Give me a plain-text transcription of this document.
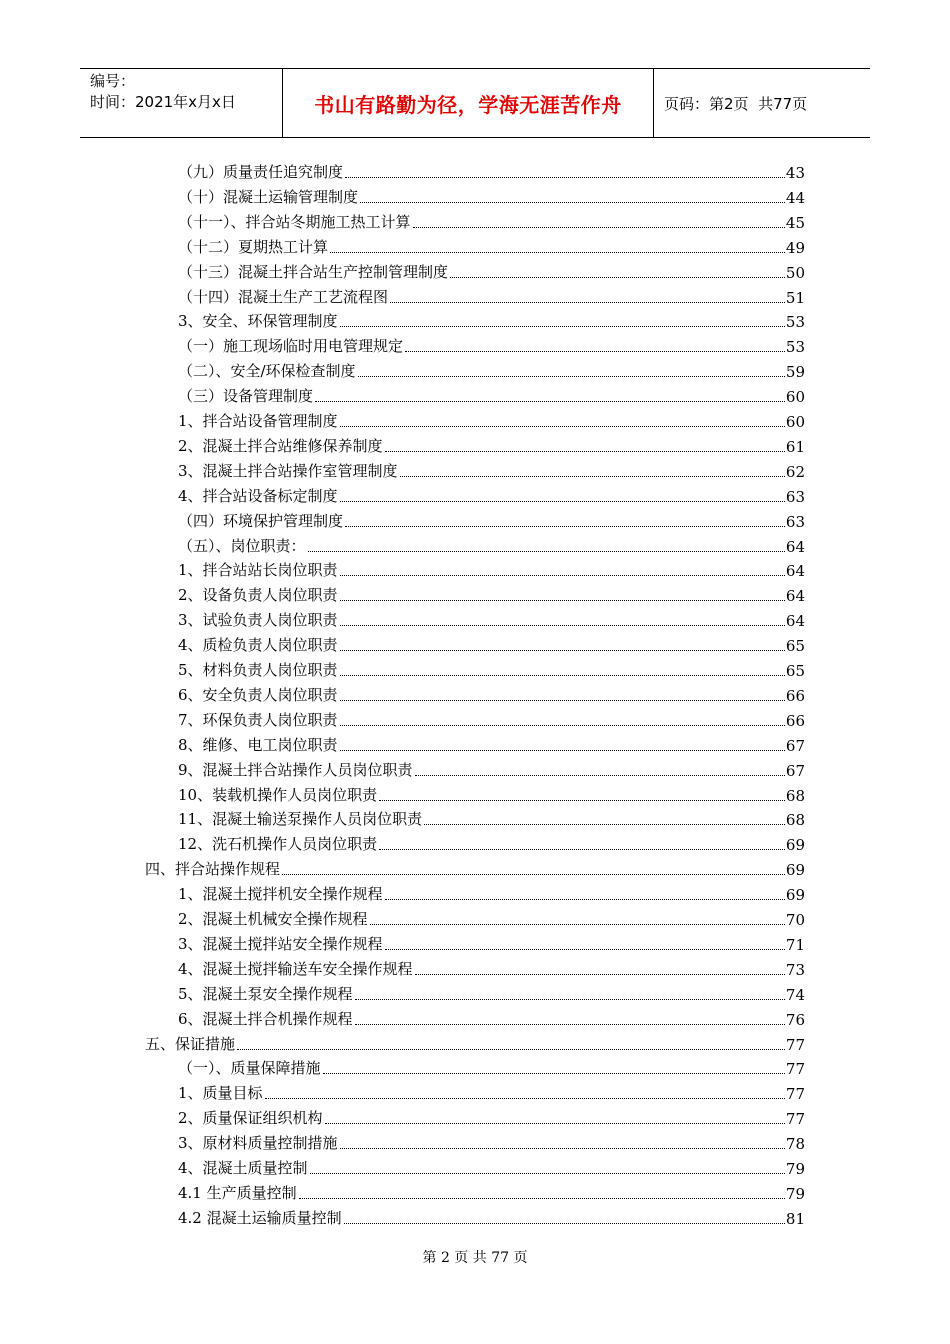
编号：
时间：2021年x月x日	书山有路勤为径，学海无涯苦作舟	页码：第2页  共77页
（九）质量责任追究制度	43
（十）混凝土运输管理制度	44
（十一）、拌合站冬期施工热工计算	45
（十二）夏期热工计算	49
（十三）混凝土拌合站生产控制管理制度	50
（十四）混凝土生产工艺流程图	51
3、安全、环保管理制度	53
（一）施工现场临时用电管理规定	53
（二）、安全/环保检查制度	59
（三）设备管理制度	60
1、拌合站设备管理制度	60
2、混凝土拌合站维修保养制度	61
3、混凝土拌合站操作室管理制度	62
4、拌合站设备标定制度	63
（四）环境保护管理制度	63
（五）、岗位职责：	64
1、拌合站站长岗位职责	64
2、设备负责人岗位职责	64
3、试验负责人岗位职责	64
4、质检负责人岗位职责	65
5、材料负责人岗位职责	65
6、安全负责人岗位职责	66
7、环保负责人岗位职责	66
8、维修、电工岗位职责	67
9、混凝土拌合站操作人员岗位职责	67
10、装载机操作人员岗位职责	68
11、混凝土输送泵操作人员岗位职责	68
12、洗石机操作人员岗位职责	69
四、拌合站操作规程	69
1、混凝土搅拌机安全操作规程	69
2、混凝土机械安全操作规程	70
3、混凝土搅拌站安全操作规程	71
4、混凝土搅拌输送车安全操作规程	73
5、混凝土泵安全操作规程	74
6、混凝土拌合机操作规程	76
五、保证措施	77
（一）、质量保障措施	77
1、质量目标	77
2、质量保证组织机构	77
3、原材料质量控制措施	78
4、混凝土质量控制	79
4.1 生产质量控制	79
4.2 混凝土运输质量控制	81
第 2 页 共 77 页
